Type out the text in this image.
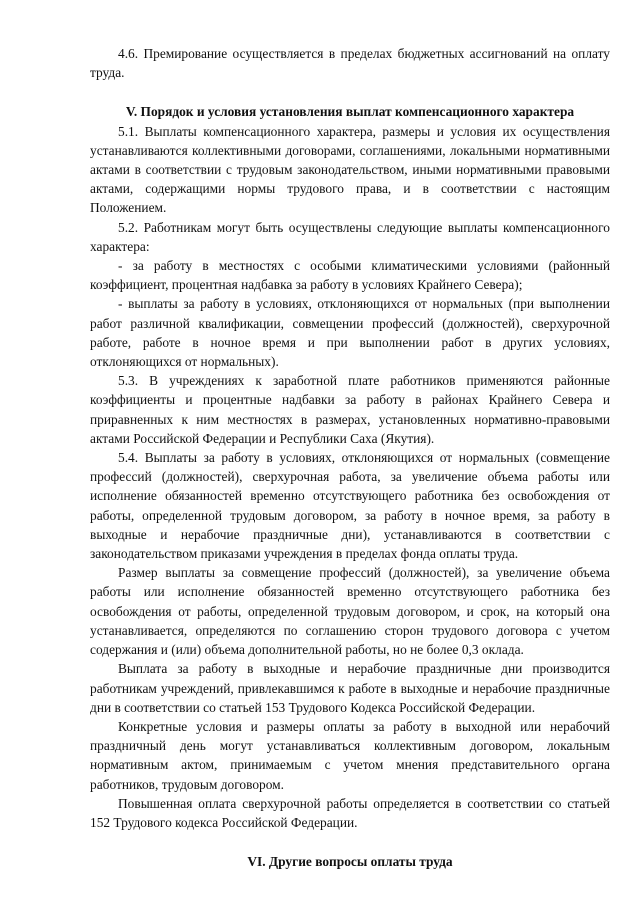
4.6. Премирование осуществляется в пределах бюджетных ассигнований на оплату труда.

V. Порядок и условия установления выплат компенсационного характера

5.1. Выплаты компенсационного характера, размеры и условия их осуществления устанавливаются коллективными договорами, соглашениями, локальными нормативными актами в соответствии с трудовым законодательством, иными нормативными правовыми актами, содержащими нормы трудового права, и в соответствии с настоящим Положением.

5.2. Работникам могут быть осуществлены следующие выплаты компенсационного характера:

- за работу в местностях с особыми климатическими условиями (районный коэффициент, процентная надбавка за работу в условиях Крайнего Севера);

- выплаты за работу в условиях, отклоняющихся от нормальных (при выполнении работ различной квалификации, совмещении профессий (должностей), сверхурочной работе, работе в ночное время и при выполнении работ в других условиях, отклоняющихся от нормальных).

5.3. В учреждениях к заработной плате работников применяются районные коэффициенты и процентные надбавки за работу в районах Крайнего Севера и приравненных к ним местностях в размерах, установленных нормативно-правовыми актами Российской Федерации и Республики Саха (Якутия).

5.4. Выплаты за работу в условиях, отклоняющихся от нормальных (совмещение профессий (должностей), сверхурочная работа, за увеличение объема работы или исполнение обязанностей временно отсутствующего работника без освобождения от работы, определенной трудовым договором, за работу в ночное время, за работу в выходные и нерабочие праздничные дни), устанавливаются в соответствии с законодательством приказами учреждения в пределах фонда оплаты труда.

Размер выплаты за совмещение профессий (должностей), за увеличение объема работы или исполнение обязанностей временно отсутствующего работника без освобождения от работы, определенной трудовым договором, и срок, на который она устанавливается, определяются по соглашению сторон трудового договора с учетом содержания и (или) объема дополнительной работы, но не более 0,3 оклада.

Выплата за работу в выходные и нерабочие праздничные дни производится работникам учреждений, привлекавшимся к работе в выходные и нерабочие праздничные дни в соответствии со статьей 153 Трудового Кодекса Российской Федерации.

Конкретные условия и размеры оплаты за работу в выходной или нерабочий праздничный день могут устанавливаться коллективным договором, локальным нормативным актом, принимаемым с учетом мнения представительного органа работников, трудовым договором.

Повышенная оплата сверхурочной работы определяется в соответствии со статьей 152 Трудового кодекса Российской Федерации.

VI. Другие вопросы оплаты труда
